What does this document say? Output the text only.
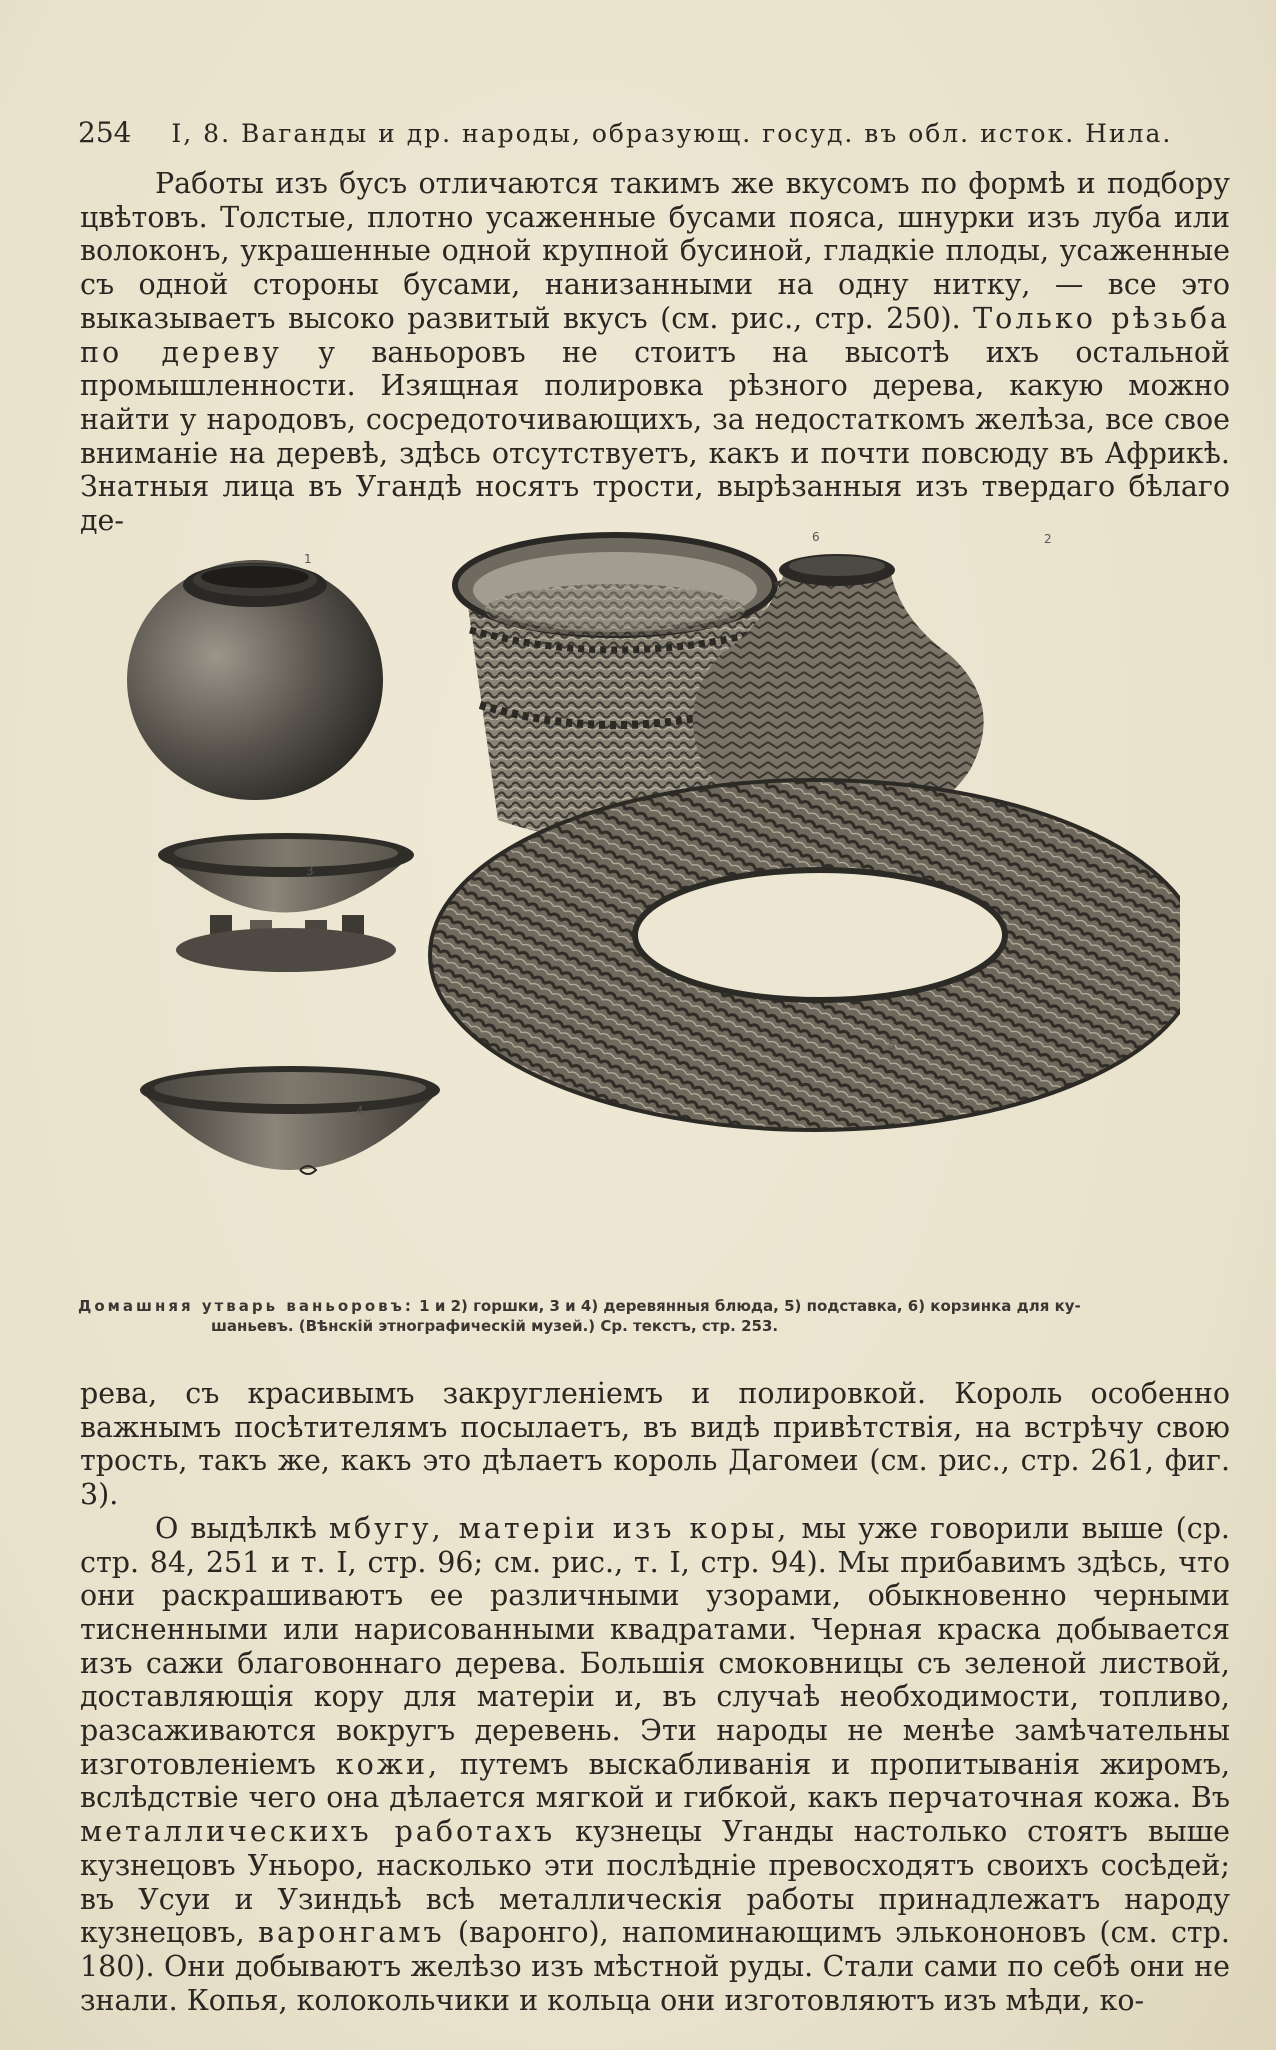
254 I, 8. Ваганды и др. народы, образующ. госуд. въ обл. исток. Нила.

Работы изъ бусъ отличаются такимъ же вкусомъ по формѣ и подбору цвѣтовъ. Толстые, плотно усаженные бусами пояса, шнурки изъ луба или волоконъ, украшенные одной крупной бусиной, гладкіе плоды, усаженные съ одной стороны бусами, нанизанными на одну нитку, — все это выказываетъ высоко развитый вкусъ (см. рис., стр. 250). Только рѣзьба по дереву у ваньоровъ не стоитъ на высотѣ ихъ остальной промышленности. Изящная полировка рѣзного дерева, какую можно найти у народовъ, сосредоточивающихъ, за недостаткомъ желѣза, все свое вниманіе на деревѣ, здѣсь отсутствуетъ, какъ и почти повсюду въ Африкѣ. Знатныя лица въ Угандѣ носятъ трости, вырѣзанныя изъ твердаго бѣлаго де-

1
6	2
3
4
5
Домашняя утварь ваньоровъ: 1 и 2) горшки, 3 и 4) деревянныя блюда, 5) подставка, 6) корзинка для ку-
шаньевъ. (Вѣнскій этнографическій музей.) Ср. текстъ, стр. 253.

рева, съ красивымъ закругленіемъ и полировкой. Король особенно важнымъ посѣтителямъ посылаетъ, въ видѣ привѣтствія, на встрѣчу свою трость, такъ же, какъ это дѣлаетъ король Дагомеи (см. рис., стр. 261, фиг. 3).

О выдѣлкѣ мбугу, матеріи изъ коры, мы уже говорили выше (ср. стр. 84, 251 и т. I, стр. 96; см. рис., т. I, стр. 94). Мы прибавимъ здѣсь, что они раскрашиваютъ ее различными узорами, обыкновенно черными тисненными или нарисованными квадратами. Черная краска добывается изъ сажи благовоннаго дерева. Большія смоковницы съ зеленой листвой, доставляющія кору для матеріи и, въ случаѣ необходимости, топливо, разсаживаются вокругъ деревень. Эти народы не менѣе замѣчательны изготовленіемъ кожи, путемъ выскабливанія и пропитыванія жиромъ, вслѣдствіе чего она дѣлается мягкой и гибкой, какъ перчаточная кожа. Въ металлическихъ работахъ кузнецы Уганды настолько стоятъ выше кузнецовъ Уньоро, насколько эти послѣдніе превосходятъ своихъ сосѣдей; въ Усуи и Узиндьѣ всѣ металлическія работы принадлежатъ народу кузнецовъ, варонгамъ (варонго), напоминающимъ элькононовъ (см. стр. 180). Они добываютъ желѣзо изъ мѣстной руды. Стали сами по себѣ они не знали. Копья, колокольчики и кольца они изготовляютъ изъ мѣди, ко-
